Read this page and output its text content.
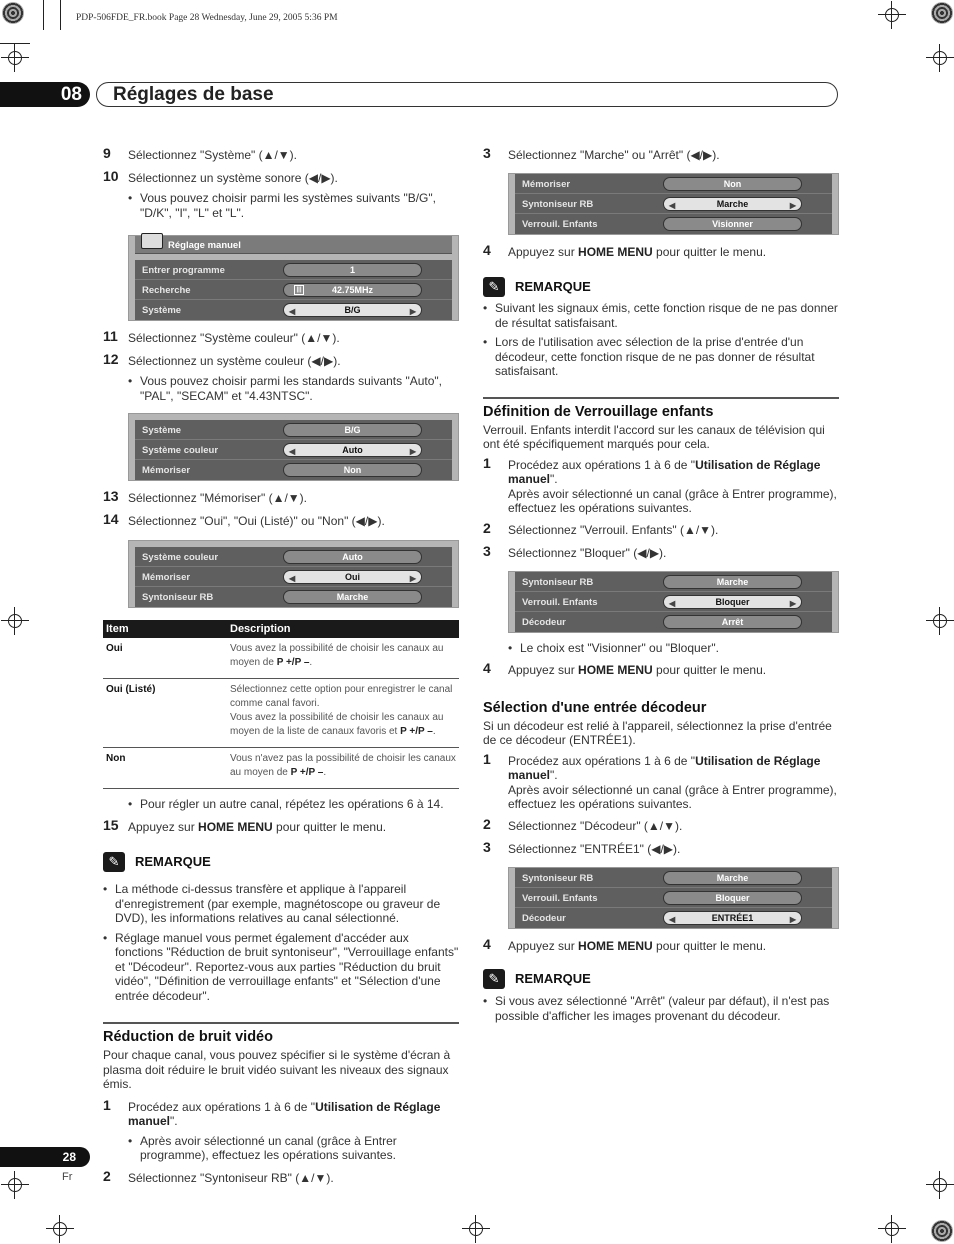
PDP-506FDE_FR.book Page 28 Wednesday, June 29, 2005 5:36 PM
08	Réglages de base

9 Sélectionnez "Système" (▲/▼).

10 Sélectionnez un système sonore (◀/▶).

• Vous pouvez choisir parmi les systèmes suivants "B/G", "D/K", "I", "L" et "L".

Réglage manuel
Entrer programme	1
Recherche	|||	42.75MHz
Système	◀	B/G	▶

11 Sélectionnez "Système couleur" (▲/▼).

12 Sélectionnez un système couleur (◀/▶).

• Vous pouvez choisir parmi les standards suivants "Auto", "PAL", "SECAM" et "4.43NTSC".

Système	B/G
Système couleur	◀	Auto	▶
Mémoriser	Non

13 Sélectionnez "Mémoriser" (▲/▼).

14 Sélectionnez "Oui", "Oui (Listé)" ou "Non" (◀/▶).

Système couleur	Auto
Mémoriser	◀	Oui	▶
Syntoniseur RB	Marche
Item	Description
Oui	Vous avez la possibilité de choisir les canaux au moyen de P +/P –.
Oui (Listé)	Sélectionnez cette option pour enregistrer le canal comme canal favori.
Vous avez la possibilité de choisir les canaux au moyen de la liste de canaux favoris et P +/P –.
Non	Vous n'avez pas la possibilité de choisir les canaux au moyen de P +/P –.

• Pour régler un autre canal, répétez les opérations 6 à 14.

15 Appuyez sur HOME MENU pour quitter le menu.

✎	REMARQUE

• La méthode ci-dessus transfère et applique à l'appareil d'enregistrement (par exemple, magnétoscope ou graveur de DVD), les informations relatives au canal sélectionné.

• Réglage manuel vous permet également d'accéder aux fonctions "Réduction de bruit syntoniseur", "Verrouillage enfants" et "Décodeur". Reportez-vous aux parties "Réduction du bruit vidéo", "Définition de verrouillage enfants" et "Sélection d'une entrée décodeur".

Réduction de bruit vidéo

Pour chaque canal, vous pouvez spécifier si le système d'écran à plasma doit réduire le bruit vidéo suivant les niveaux des signaux émis.

1 Procédez aux opérations 1 à 6 de "Utilisation de Réglage manuel".

• Après avoir sélectionné un canal (grâce à Entrer programme), effectuez les opérations suivantes.

2 Sélectionnez "Syntoniseur RB" (▲/▼).

3 Sélectionnez "Marche" ou "Arrêt" (◀/▶).

Mémoriser	Non
Syntoniseur RB	◀	Marche	▶
Verrouil. Enfants	Visionner

4 Appuyez sur HOME MENU pour quitter le menu.

✎	REMARQUE

• Suivant les signaux émis, cette fonction risque de ne pas donner de résultat satisfaisant.

• Lors de l'utilisation avec sélection de la prise d'entrée d'un décodeur, cette fonction risque de ne pas donner de résultat satisfaisant.

Définition de Verrouillage enfants

Verrouil. Enfants interdit l'accord sur les canaux de télévision qui ont été spécifiquement marqués pour cela.

1 Procédez aux opérations 1 à 6 de "Utilisation de Réglage manuel".
Après avoir sélectionné un canal (grâce à Entrer programme), effectuez les opérations suivantes.

2 Sélectionnez "Verrouil. Enfants" (▲/▼).

3 Sélectionnez "Bloquer" (◀/▶).

Syntoniseur RB	Marche
Verrouil. Enfants	◀	Bloquer	▶
Décodeur	Arrêt

• Le choix est "Visionner" ou "Bloquer".

4 Appuyez sur HOME MENU pour quitter le menu.

Sélection d'une entrée décodeur

Si un décodeur est relié à l'appareil, sélectionnez la prise d'entrée de ce décodeur (ENTRÉE1).

1 Procédez aux opérations 1 à 6 de "Utilisation de Réglage manuel".
Après avoir sélectionné un canal (grâce à Entrer programme), effectuez les opérations suivantes.

2 Sélectionnez "Décodeur" (▲/▼).

3 Sélectionnez "ENTRÉE1" (◀/▶).

Syntoniseur RB	Marche
Verrouil. Enfants	Bloquer
Décodeur	◀	ENTRÉE1	▶

4 Appuyez sur HOME MENU pour quitter le menu.

✎	REMARQUE

• Si vous avez sélectionné "Arrêt" (valeur par défaut), il n'est pas possible d'afficher les images provenant du décodeur.

28
Fr
